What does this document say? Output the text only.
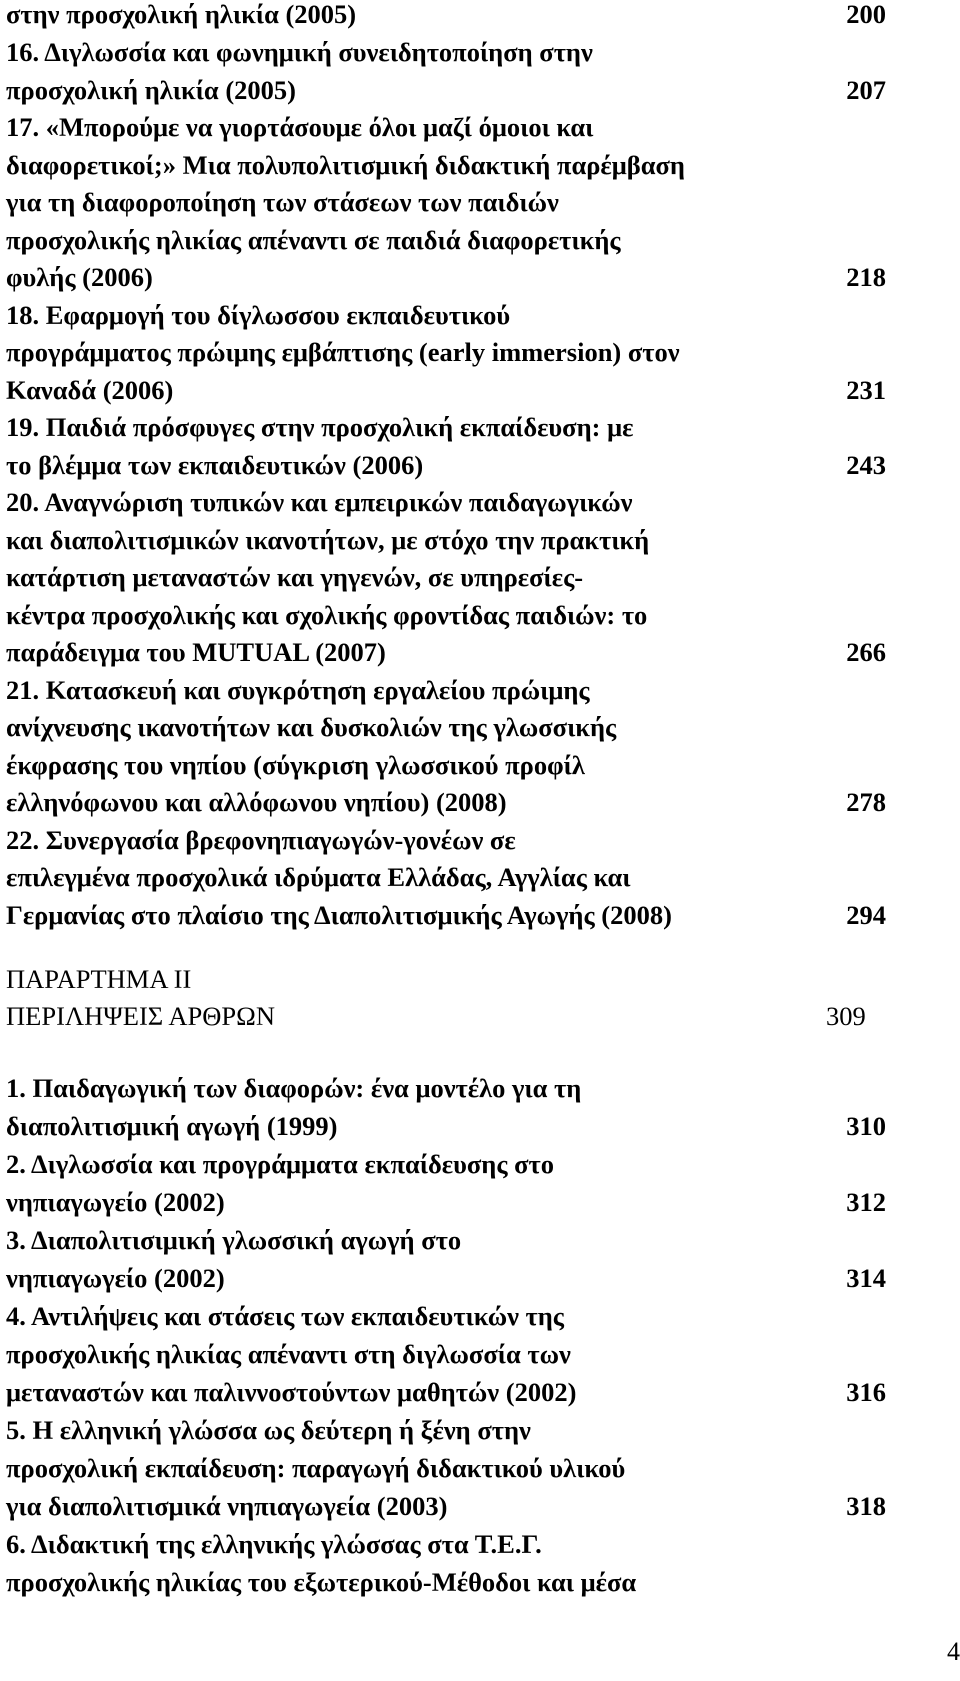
στην προσχολική ηλικία (2005)	200
16. Διγλωσσία και φωνημική συνειδητοποίηση στην
προσχολική ηλικία (2005)	207
17. «Μπορούμε να γιορτάσουμε όλοι μαζί όμοιοι και
διαφορετικοί;» Μια πολυπολιτισμική διδακτική παρέμβαση
για τη διαφοροποίηση των στάσεων των παιδιών
προσχολικής ηλικίας απέναντι σε παιδιά διαφορετικής
φυλής (2006)	218
18. Εφαρμογή του δίγλωσσου εκπαιδευτικού
προγράμματος πρώιμης εμβάπτισης (early immersion) στον
Καναδά (2006)	231
19. Παιδιά πρόσφυγες στην προσχολική εκπαίδευση: με
το βλέμμα των εκπαιδευτικών (2006)	243
20. Αναγνώριση τυπικών και εμπειρικών παιδαγωγικών
και διαπολιτισμικών ικανοτήτων, με στόχο την πρακτική
κατάρτιση μεταναστών και γηγενών, σε υπηρεσίες-
κέντρα προσχολικής και σχολικής φροντίδας παιδιών: το
παράδειγμα του MUTUAL (2007)	266
21. Κατασκευή και συγκρότηση εργαλείου πρώιμης
ανίχνευσης ικανοτήτων και δυσκολιών της γλωσσικής
έκφρασης του νηπίου (σύγκριση γλωσσικού προφίλ
ελληνόφωνου και αλλόφωνου νηπίου) (2008)	278
22. Συνεργασία βρεφονηπιαγωγών-γονέων σε
επιλεγμένα προσχολικά ιδρύματα Ελλάδας, Αγγλίας και
Γερμανίας στο πλαίσιο της Διαπολιτισμικής Αγωγής (2008)	294
ΠΑΡΑΡΤΗΜΑ ΙΙ
ΠΕΡΙΛΗΨΕΙΣ ΑΡΘΡΩΝ	309
1. Παιδαγωγική των διαφορών: ένα μοντέλο για τη
διαπολιτισμική αγωγή (1999)	310
2. Διγλωσσία και προγράμματα εκπαίδευσης στο
νηπιαγωγείο (2002)	312
3. Διαπολιτισιμική γλωσσική αγωγή στο
νηπιαγωγείο (2002)	314
4. Αντιλήψεις και στάσεις των εκπαιδευτικών της
προσχολικής ηλικίας απέναντι στη διγλωσσία των
μεταναστών και παλιννοστούντων μαθητών (2002)	316
5. Η ελληνική γλώσσα ως δεύτερη ή ξένη στην
προσχολική εκπαίδευση: παραγωγή διδακτικού υλικού
για διαπολιτισμικά νηπιαγωγεία (2003)	318
6. Διδακτική της ελληνικής γλώσσας στα Τ.Ε.Γ.
προσχολικής ηλικίας του εξωτερικού-Μέθοδοι και μέσα
4
